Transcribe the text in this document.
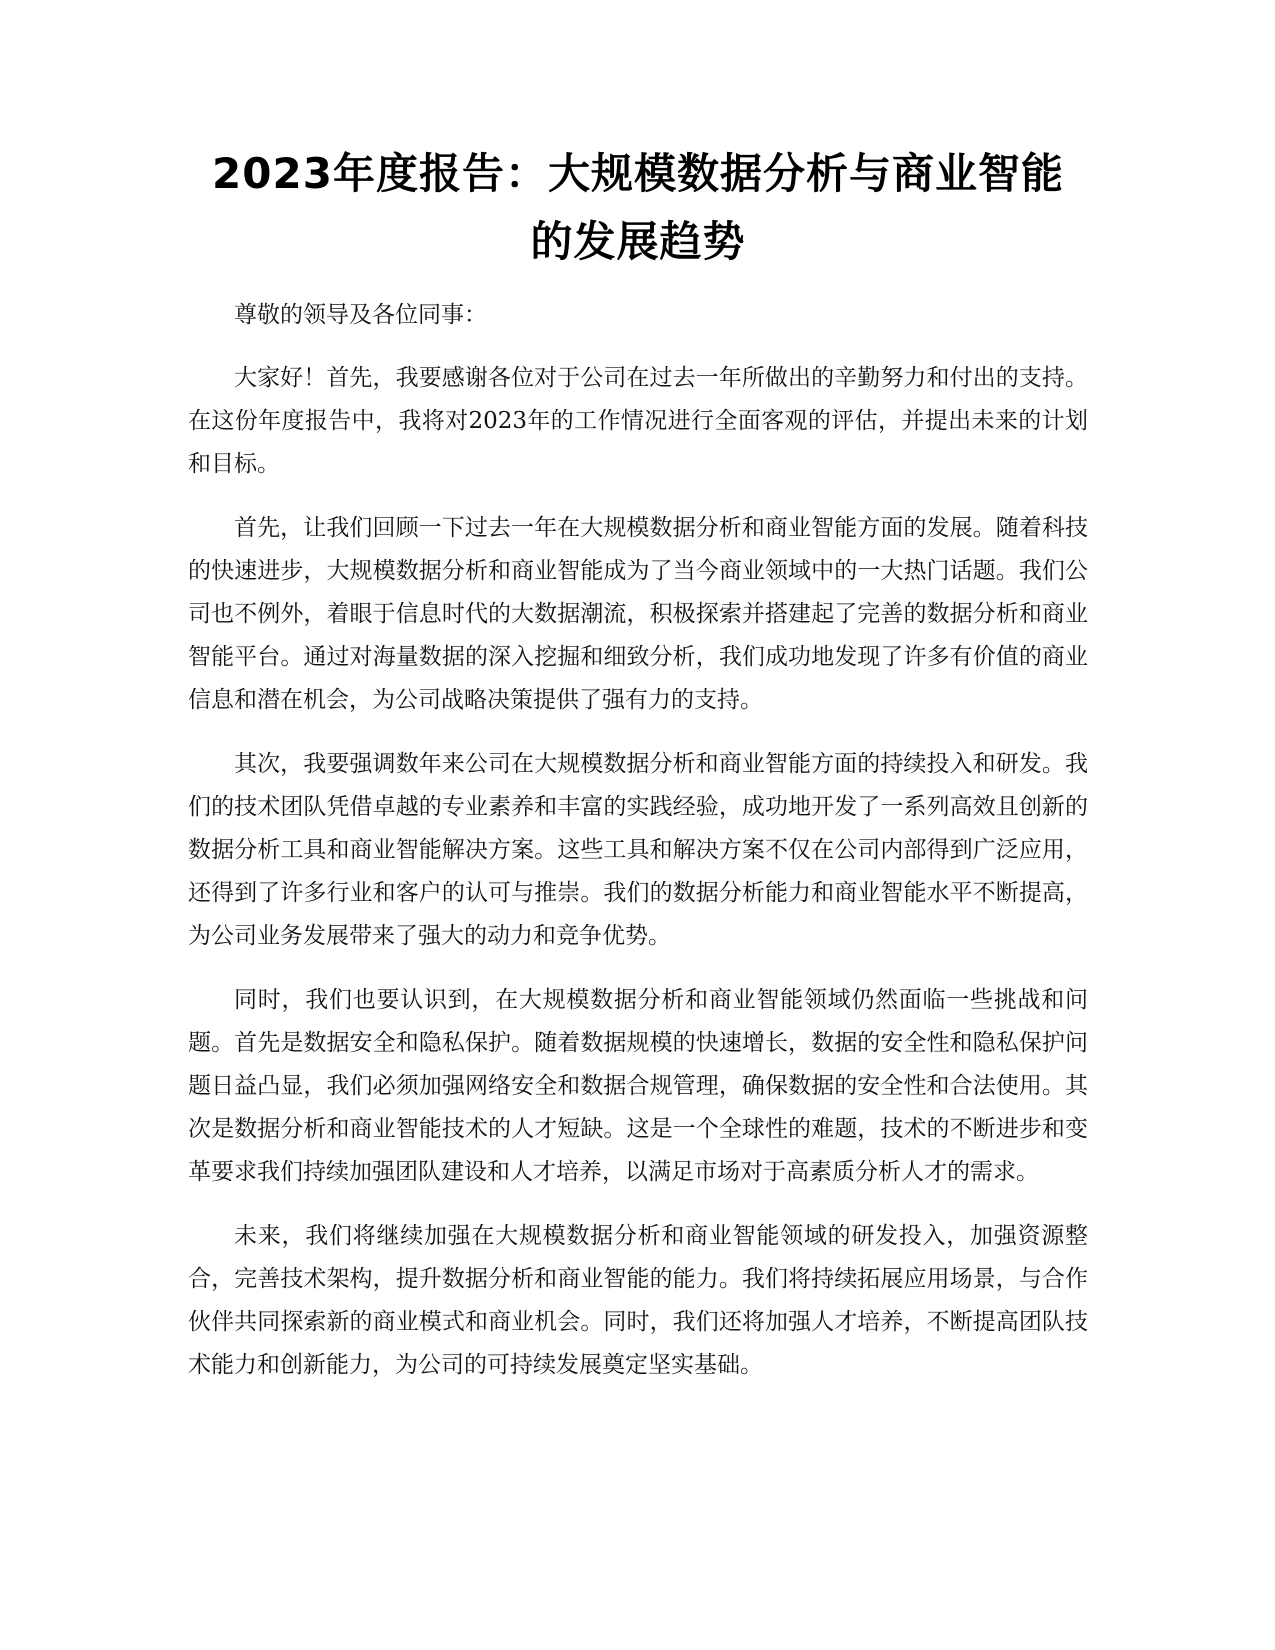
2023年度报告：大规模数据分析与商业智能
的发展趋势

尊敬的领导及各位同事：

大家好！首先，我要感谢各位对于公司在过去一年所做出的辛勤努力和付出的支持。在这份年度报告中，我将对2023年的工作情况进行全面客观的评估，并提出未来的计划和目标。

首先，让我们回顾一下过去一年在大规模数据分析和商业智能方面的发展。随着科技的快速进步，大规模数据分析和商业智能成为了当今商业领域中的一大热门话题。我们公司也不例外，着眼于信息时代的大数据潮流，积极探索并搭建起了完善的数据分析和商业智能平台。通过对海量数据的深入挖掘和细致分析，我们成功地发现了许多有价值的商业信息和潜在机会，为公司战略决策提供了强有力的支持。

其次，我要强调数年来公司在大规模数据分析和商业智能方面的持续投入和研发。我们的技术团队凭借卓越的专业素养和丰富的实践经验，成功地开发了一系列高效且创新的数据分析工具和商业智能解决方案。这些工具和解决方案不仅在公司内部得到广泛应用，还得到了许多行业和客户的认可与推崇。我们的数据分析能力和商业智能水平不断提高，为公司业务发展带来了强大的动力和竞争优势。

同时，我们也要认识到，在大规模数据分析和商业智能领域仍然面临一些挑战和问题。首先是数据安全和隐私保护。随着数据规模的快速增长，数据的安全性和隐私保护问题日益凸显，我们必须加强网络安全和数据合规管理，确保数据的安全性和合法使用。其次是数据分析和商业智能技术的人才短缺。这是一个全球性的难题，技术的不断进步和变革要求我们持续加强团队建设和人才培养，以满足市场对于高素质分析人才的需求。

未来，我们将继续加强在大规模数据分析和商业智能领域的研发投入，加强资源整合，完善技术架构，提升数据分析和商业智能的能力。我们将持续拓展应用场景，与合作伙伴共同探索新的商业模式和商业机会。同时，我们还将加强人才培养，不断提高团队技术能力和创新能力，为公司的可持续发展奠定坚实基础。
